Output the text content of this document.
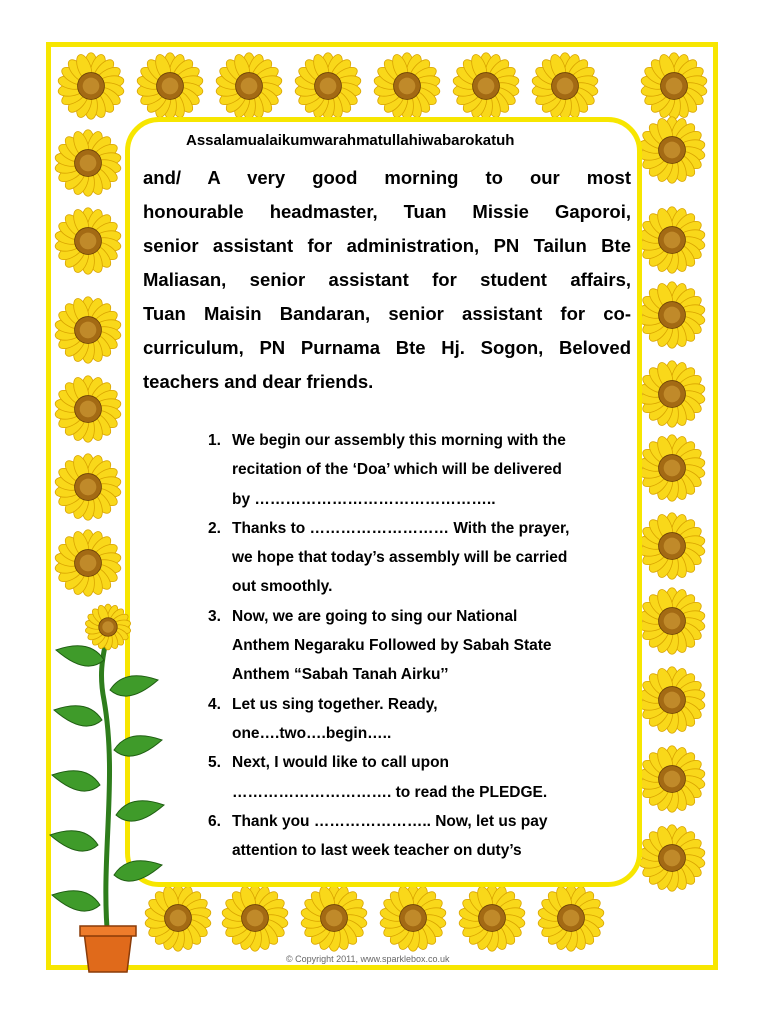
Assalamualaikumwarahmatullahiwabarokatuh
and/ A very good morning to our most
honourable headmaster, Tuan Missie Gaporoi,
senior assistant for administration, PN Tailun Bte
Maliasan, senior assistant for student affairs,
Tuan Maisin Bandaran, senior assistant for co-
curriculum, PN Purnama Bte Hj. Sogon, Beloved
teachers and dear friends.
1. We begin our assembly this morning with the
recitation of the ‘Doa’ which will be delivered
by ………………………………………..
2. Thanks to ……………………… With the prayer,
we hope that today’s assembly will be carried
out smoothly.
3. Now, we are going to sing our National
Anthem Negaraku Followed by Sabah State
Anthem “Sabah Tanah Airku’’
4. Let us sing together. Ready,
one….two….begin…..
5. Next, I would like to call upon
…………………………. to read the PLEDGE.
6. Thank you ………………….. Now, let us pay
attention to last week teacher on duty’s
© Copyright 2011, www.sparklebox.co.uk
